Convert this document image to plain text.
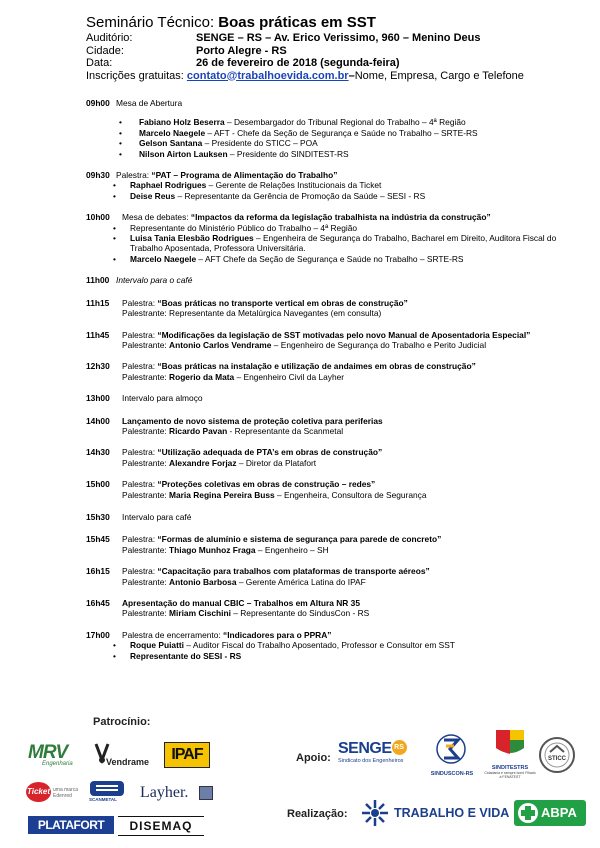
Seminário Técnico: Boas práticas em SST
Auditório:	SENGE – RS – Av. Erico Verissimo, 960 – Menino Deus
Cidade:	Porto Alegre - RS
Data:	26 de fevereiro de 2018 (segunda-feira)
Inscrições gratuitas:
contato@trabalhoevida.com.br – Nome, Empresa, Cargo e Telefone
09h00 Mesa de Abertura
• Fabiano Holz Beserra – Desembargador do Tribunal Regional do Trabalho – 4ª Região
• Marcelo Naegele – AFT - Chefe da Seção de Segurança e Saúde no Trabalho – SRTE-RS
• Gelson Santana – Presidente do STICC – POA
• Nilson Airton Lauksen – Presidente do SINDITEST-RS
09h30 Palestra: “PAT – Programa de Alimentação do Trabalho”
• Raphael Rodrigues – Gerente de Relações Institucionais da Ticket
• Deise Reus – Representante da Gerência de Promoção da Saúde – SESI - RS
10h00	Mesa de debates: “Impactos da reforma da legislação trabalhista na indústria da construção”
• Representante do Ministério Público do Trabalho – 4ª Região
• Luisa Tania Elesbão Rodrigues – Engenheira de Segurança do Trabalho, Bacharel em Direito, Auditora Fiscal do Trabalho Aposentada, Professora Universitária.
• Marcelo Naegele – AFT Chefe da Seção de Segurança e Saúde no Trabalho – SRTE-RS
11h00 Intervalo para o café
11h15	Palestra: “Boas práticas no transporte vertical em obras de construção”
Palestrante: Representante da Metalúrgica Navegantes (em consulta)
11h45	Palestra: “Modificações da legislação de SST motivadas pelo novo Manual de Aposentadoria Especial”
Palestrante: Antonio Carlos Vendrame – Engenheiro de Segurança do Trabalho e Perito Judicial
12h30	Palestra: “Boas práticas na instalação e utilização de andaimes em obras de construção”
Palestrante: Rogerio da Mata – Engenheiro Civil da Layher
13h00	Intervalo para almoço
14h00	Lançamento de novo sistema de proteção coletiva para periferias
Palestrante: Ricardo Pavan - Representante da Scanmetal
14h30	Palestra: “Utilização adequada de PTA’s em obras de construção”
Palestrante: Alexandre Forjaz – Diretor da Platafort
15h00	Palestra: “Proteções coletivas em obras de construção – redes”
Palestrante: Maria Regina Pereira Buss – Engenheira, Consultora de Segurança
15h30	Intervalo para café
15h45	Palestra: “Formas de alumínio e sistema de segurança para parede de concreto”
Palestrante: Thiago Munhoz Fraga – Engenheiro – SH
16h15	Palestra: “Capacitação para trabalhos com plataformas de transporte aéreos”
Palestrante: Antonio Barbosa – Gerente América Latina do IPAF
16h45	Apresentação do manual CBIC – Trabalhos em Altura NR 35
Palestrante: Miriam Cischini – Representante do SindusCon - RS
17h00	Palestra de encerramento: “Indicadores para o PPRA”
• Roque Puiatti – Auditor Fiscal do Trabalho Aposentado, Professor e Consultor em SST
• Representante do SESI - RS
Patrocínio:
Apoio:
Realização:
MRV
Engenharia	Vendrame	IPAF
Ticket uma marca Edenred
SCANMETAL Layher.
PLATAFORT	DISEMAQ
SENGE RS
Sindicato dos Engenheiros
SINDUSCON-RS
SINDITESTRS
Cidadania é sempre bom! Filiado à FENATEST
STICC
TRABALHO E VIDA ABPA
